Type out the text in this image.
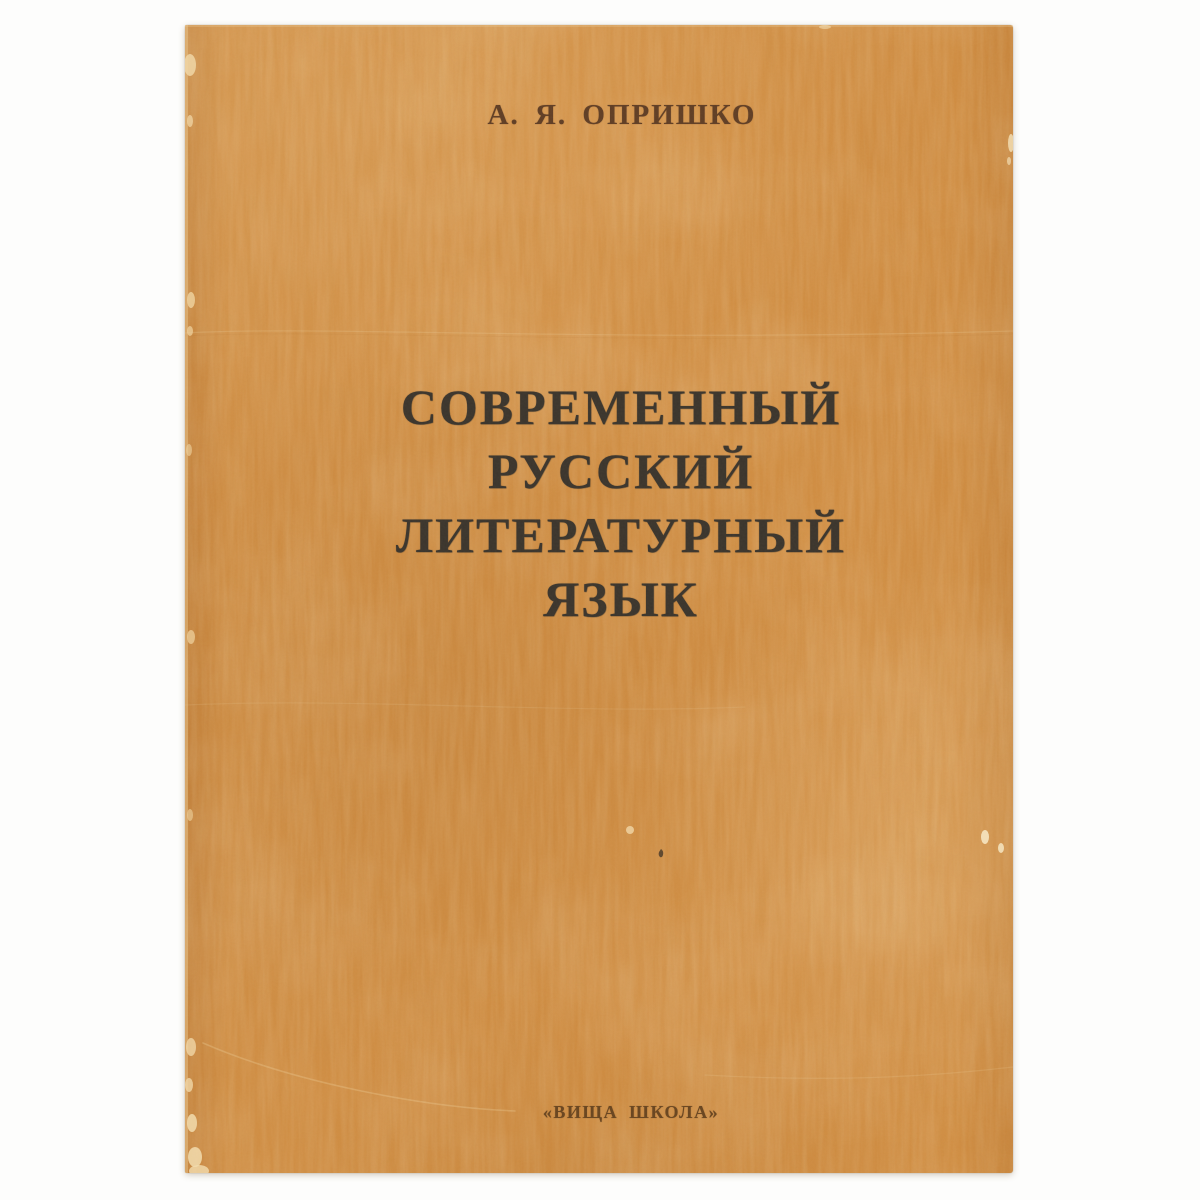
А. Я. ОПРИШКО
СОВРЕМЕННЫЙ
РУССКИЙ
ЛИТЕРАТУРНЫЙ
ЯЗЫК
«ВИЩА ШКОЛА»
